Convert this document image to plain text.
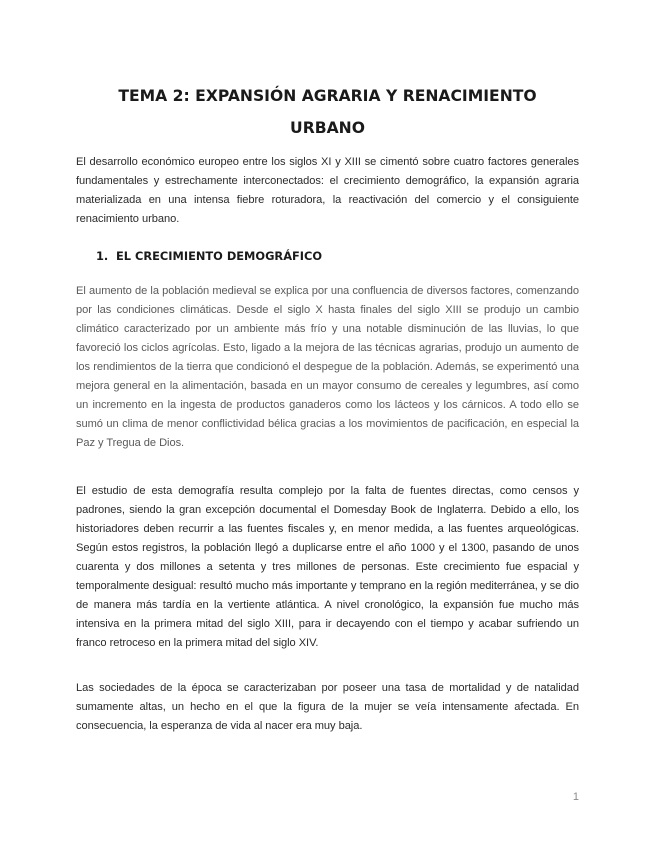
TEMA 2: EXPANSIÓN AGRARIA Y RENACIMIENTO
URBANO

El desarrollo económico europeo entre los siglos XI y XIII se cimentó sobre cuatro factores generales fundamentales y estrechamente interconectados: el crecimiento demográfico, la expansión agraria materializada en una intensa fiebre roturadora, la reactivación del comercio y el consiguiente renacimiento urbano.

1. EL CRECIMIENTO DEMOGRÁFICO

El aumento de la población medieval se explica por una confluencia de diversos factores, comenzando por las condiciones climáticas. Desde el siglo X hasta finales del siglo XIII se produjo un cambio climático caracterizado por un ambiente más frío y una notable disminución de las lluvias, lo que favoreció los ciclos agrícolas. Esto, ligado a la mejora de las técnicas agrarias, produjo un aumento de los rendimientos de la tierra que condicionó el despegue de la población. Además, se experimentó una mejora general en la alimentación, basada en un mayor consumo de cereales y legumbres, así como un incremento en la ingesta de productos ganaderos como los lácteos y los cárnicos. A todo ello se sumó un clima de menor conflictividad bélica gracias a los movimientos de pacificación, en especial la Paz y Tregua de Dios.

El estudio de esta demografía resulta complejo por la falta de fuentes directas, como censos y padrones, siendo la gran excepción documental el Domesday Book de Inglaterra. Debido a ello, los historiadores deben recurrir a las fuentes fiscales y, en menor medida, a las fuentes arqueológicas. Según estos registros, la población llegó a duplicarse entre el año 1000 y el 1300, pasando de unos cuarenta y dos millones a setenta y tres millones de personas. Este crecimiento fue espacial y temporalmente desigual: resultó mucho más importante y temprano en la región mediterránea, y se dio de manera más tardía en la vertiente atlántica. A nivel cronológico, la expansión fue mucho más intensiva en la primera mitad del siglo XIII, para ir decayendo con el tiempo y acabar sufriendo un franco retroceso en la primera mitad del siglo XIV.

Las sociedades de la época se caracterizaban por poseer una tasa de mortalidad y de natalidad sumamente altas, un hecho en el que la figura de la mujer se veía intensamente afectada. En consecuencia, la esperanza de vida al nacer era muy baja.

1
